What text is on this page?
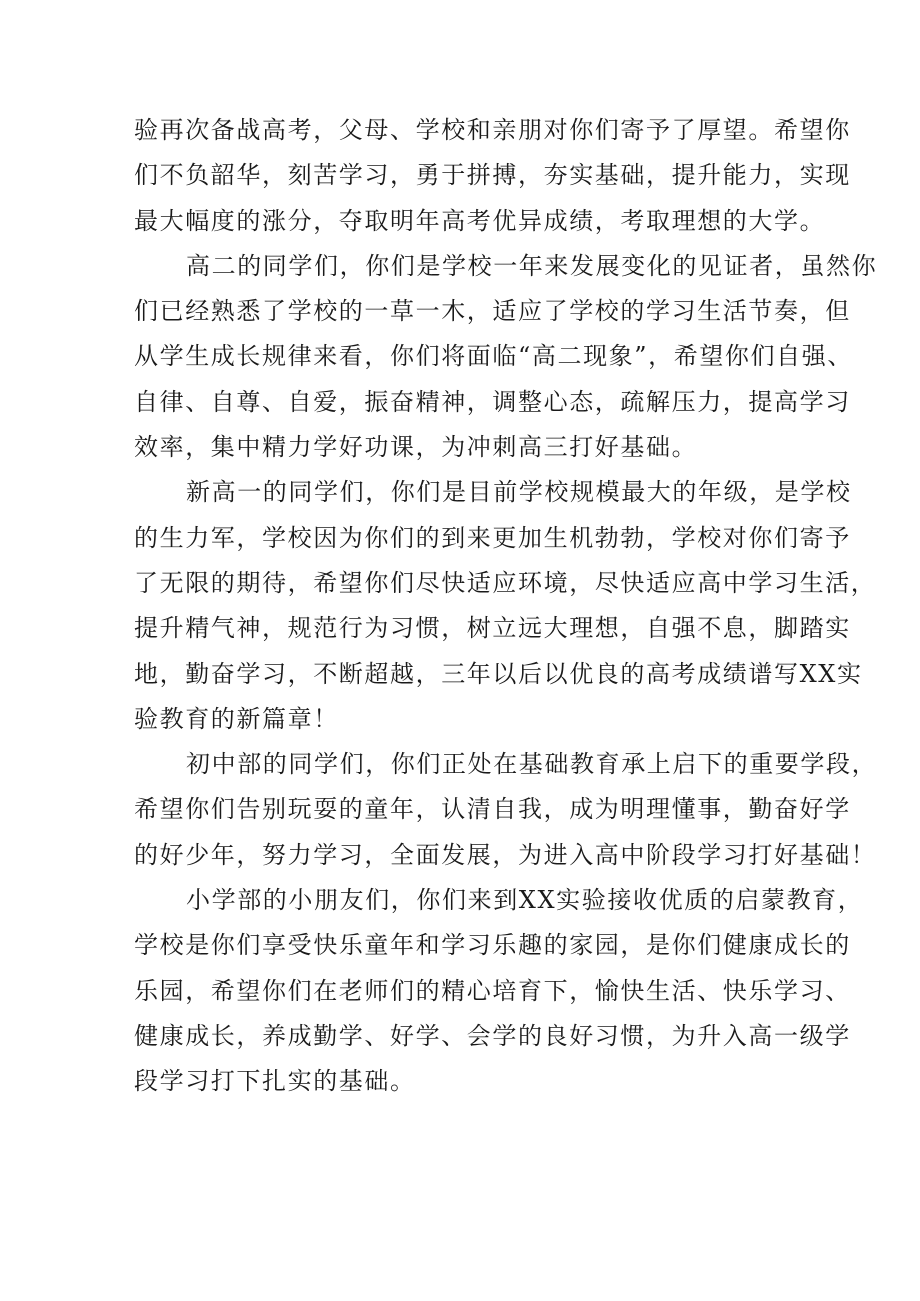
验再次备战高考，父母、学校和亲朋对你们寄予了厚望。希望你
们不负韶华，刻苦学习，勇于拼搏，夯实基础，提升能力，实现
最大幅度的涨分，夺取明年高考优异成绩，考取理想的大学。

高二的同学们，你们是学校一年来发展变化的见证者，虽然你
们已经熟悉了学校的一草一木，适应了学校的学习生活节奏，但
从学生成长规律来看，你们将面临“高二现象”，希望你们自强、
自律、自尊、自爱，振奋精神，调整心态，疏解压力，提高学习
效率，集中精力学好功课，为冲刺高三打好基础。

新高一的同学们，你们是目前学校规模最大的年级，是学校
的生力军，学校因为你们的到来更加生机勃勃，学校对你们寄予
了无限的期待，希望你们尽快适应环境，尽快适应高中学习生活，
提升精气神，规范行为习惯，树立远大理想，自强不息，脚踏实
地，勤奋学习，不断超越，三年以后以优良的高考成绩谱写XX实
验教育的新篇章！

初中部的同学们，你们正处在基础教育承上启下的重要学段，
希望你们告别玩耍的童年，认清自我，成为明理懂事，勤奋好学
的好少年，努力学习，全面发展，为进入高中阶段学习打好基础！

小学部的小朋友们，你们来到XX实验接收优质的启蒙教育，
学校是你们享受快乐童年和学习乐趣的家园，是你们健康成长的
乐园，希望你们在老师们的精心培育下，愉快生活、快乐学习、
健康成长，养成勤学、好学、会学的良好习惯，为升入高一级学
段学习打下扎实的基础。
